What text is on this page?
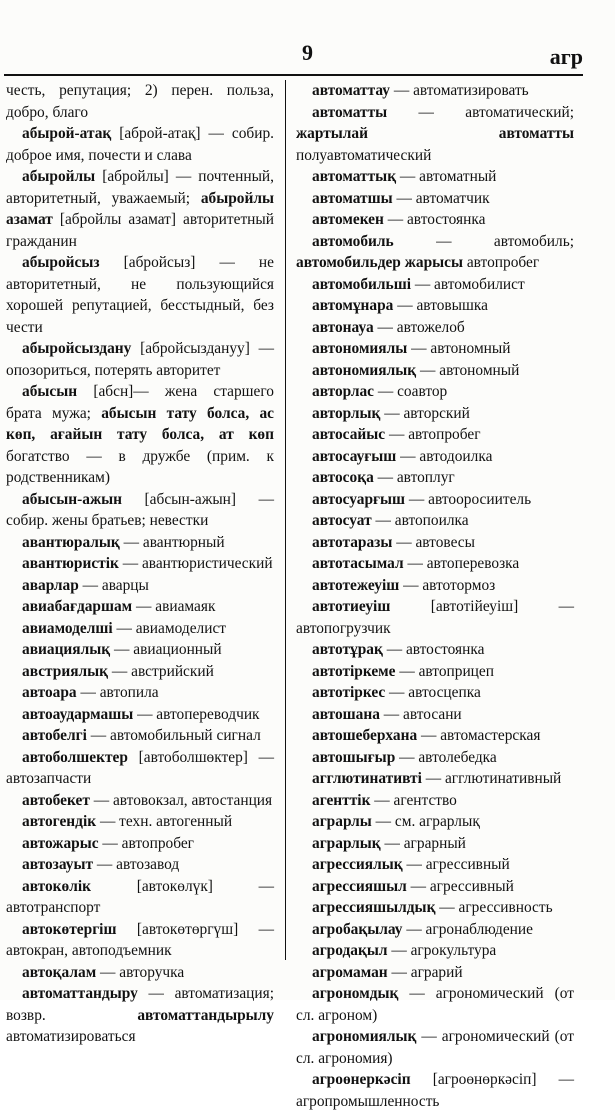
9	агр

честь, репутация; 2) перен. польза, добро, благо

абырой-атақ [аброй-атақ] — собир. доброе имя, почести и слава

абыройлы [абройлы] — почтенный, авторитетный, уважаемый; абыройлы азамат [абройлы азамат] авторитетный гражданин

абыройсыз [абройсыз] — не авторитетный, не пользующийся хорошей репутацией, бесстыдный, без чести

абыройсыздану [абройсыздануу] — опозориться, потерять авторитет

абысын [абсн]— жена старшего брата мужа; абысын тату болса, ас көп, ағайын тату болса, ат көп богатство — в дружбе (прим. к родственникам)

абысын-ажын [абсын-ажын] — собир. жены братьев; невестки

авантюралық — авантюрный

авантюристік — авантюристический

аварлар — аварцы

авиабағдаршам — авиамаяк

авиамоделші — авиамоделист

авиациялық — авиационный

австриялық — австрийский

автоара — автопила

автоаудармашы — автопереводчик

автобелгі — автомобильный сигнал

автоболшектер [автоболшөктер] — автозапчасти

автобекет — автовокзал, автостанция

автогендік — техн. автогенный

автожарыс — автопробег

автозауыт — автозавод

автокөлік [автокөлүк] — автотранспорт

автокөтергіш [автокөтөргүш] — автокран, автоподъемник

автоқалам — авторучка

автоматтандыру — автоматизация; возвр. автоматтандырылу автоматизироваться

автоматтау — автоматизировать

автоматты — автоматический; жартылай автоматты полуавтоматический

автоматтық — автоматный

автоматшы — автоматчик

автомекен — автостоянка

автомобиль — автомобиль; автомобильдер жарысы автопробег

автомобильші — автомобилист

автомұнара — автовышка

автонауа — автожелоб

автономиялы — автономный

автономиялық — автономный

авторлас — соавтор

авторлық — авторский

автосайыс — автопробег

автосауғыш — автодоилка

автосоқа — автоплуг

автосуарғыш — автооросиитель

автосуат — автопоилка

автотаразы — автовесы

автотасымал — автоперевозка

автотежеуіш — автотормоз

автотиеуіш [автотійеуіш] — автопогрузчик

автотұрақ — автостоянка

автотіркеме — автоприцеп

автотіркес — автосцепка

автошана — автосани

автошеберхана — автомастерская

автошығыр — автолебедка

агглютинативті — агглютинативный

агенттік — агентство

аграрлы — см. аграрлық

аграрлық — аграрный

агрессиялық — агрессивный

агрессияшыл — агрессивный

агрессияшылдық — агрессивность

агробақылау — агронаблюдение

агродақыл — агрокультура

агромаман — аграрий

агрономдық — агрономический (от сл. агроном)

агрономиялық — агрономический (от сл. агрономия)

агроөнеркәсіп [агроөнөркәсіп] — агропромышленность
